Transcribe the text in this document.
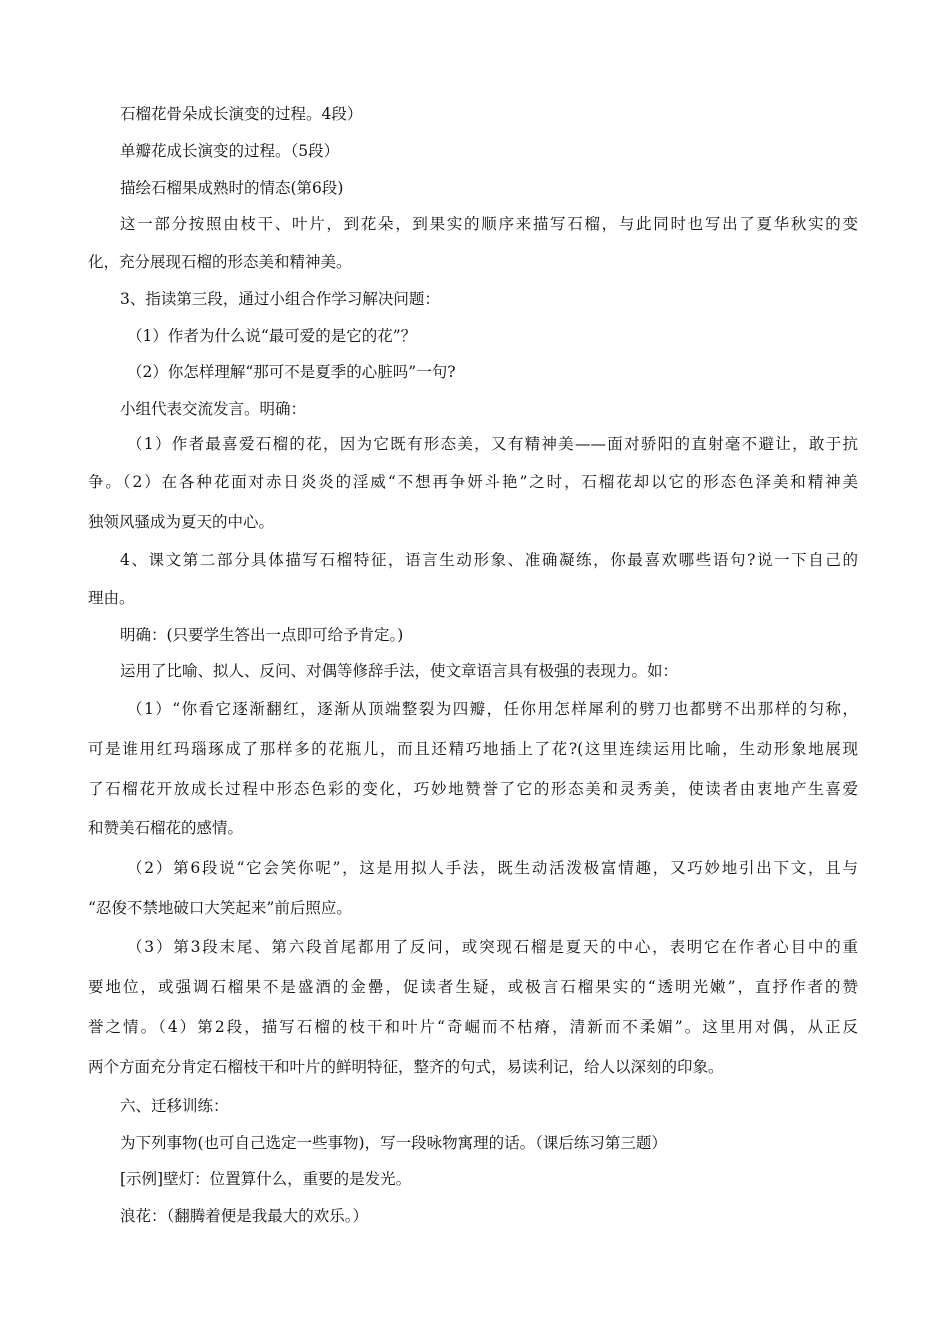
石榴花骨朵成长演变的过程。4段）
单瓣花成长演变的过程。（5段）
描绘石榴果成熟时的情态(第6段)
这一部分按照由枝干、叶片，到花朵，到果实的顺序来描写石榴，与此同时也写出了夏华秋实的变
化，充分展现石榴的形态美和精神美。
3、指读第三段，通过小组合作学习解决问题：
（1）作者为什么说“最可爱的是它的花”？
（2）你怎样理解“那可不是夏季的心脏吗”一句?
小组代表交流发言。明确：
（1）作者最喜爱石榴的花，因为它既有形态美，又有精神美——面对骄阳的直射毫不避让，敢于抗
争。（2）在各种花面对赤日炎炎的淫威“不想再争妍斗艳”之时，石榴花却以它的形态色泽美和精神美
独领风骚成为夏天的中心。
4、课文第二部分具体描写石榴特征，语言生动形象、准确凝练，你最喜欢哪些语句?说一下自己的
理由。
明确：(只要学生答出一点即可给予肯定。)
运用了比喻、拟人、反问、对偶等修辞手法，使文章语言具有极强的表现力。如：
（1）“你看它逐渐翻红，逐渐从顶端整裂为四瓣，任你用怎样犀利的劈刀也都劈不出那样的匀称，
可是谁用红玛瑙琢成了那样多的花瓶儿，而且还精巧地插上了花?(这里连续运用比喻，生动形象地展现
了石榴花开放成长过程中形态色彩的变化，巧妙地赞誉了它的形态美和灵秀美，使读者由衷地产生喜爱
和赞美石榴花的感情。
（2）第6段说“它会笑你呢”，这是用拟人手法，既生动活泼极富情趣，又巧妙地引出下文，且与
“忍俊不禁地破口大笑起来”前后照应。
（3）第3段末尾、第六段首尾都用了反问，或突现石榴是夏天的中心，表明它在作者心目中的重
要地位，或强调石榴果不是盛酒的金罍，促读者生疑，或极言石榴果实的“透明光嫩”，直抒作者的赞
誉之情。（4）第2段，描写石榴的枝干和叶片“奇崛而不枯瘠，清新而不柔媚”。这里用对偶，从正反
两个方面充分肯定石榴枝干和叶片的鲜明特征，整齐的句式，易读利记，给人以深刻的印象。
六、迁移训练：
为下列事物(也可自己选定一些事物)，写一段咏物寓理的话。（课后练习第三题）
[示例]壁灯：位置算什么，重要的是发光。
浪花：（翻腾着便是我最大的欢乐。）
